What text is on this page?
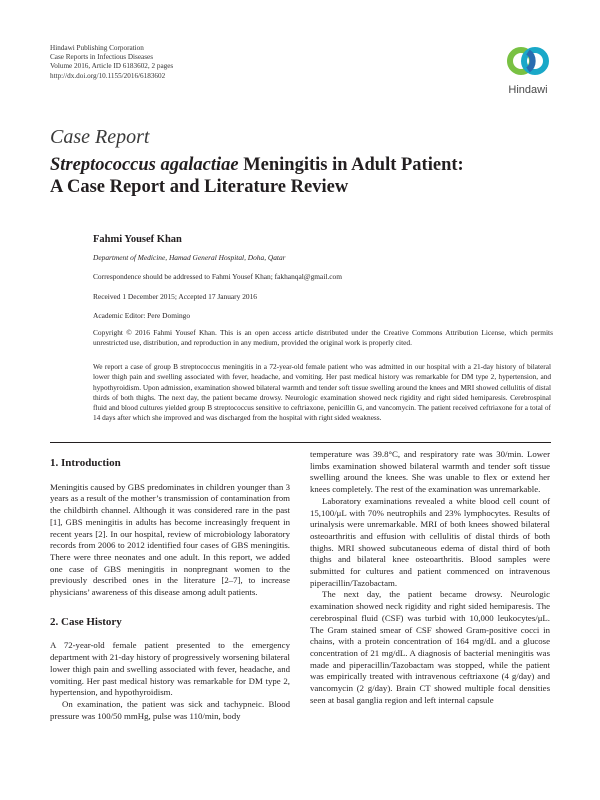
Hindawi Publishing Corporation
Case Reports in Infectious Diseases
Volume 2016, Article ID 6183602, 2 pages
http://dx.doi.org/10.1155/2016/6183602
Hindawi
Case Report
Streptococcus agalactiae Meningitis in Adult Patient:
A Case Report and Literature Review
Fahmi Yousef Khan
Department of Medicine, Hamad General Hospital, Doha, Qatar
Correspondence should be addressed to Fahmi Yousef Khan; fakhanqal@gmail.com
Received 1 December 2015; Accepted 17 January 2016
Academic Editor: Pere Domingo
Copyright © 2016 Fahmi Yousef Khan. This is an open access article distributed under the Creative Commons Attribution License, which permits unrestricted use, distribution, and reproduction in any medium, provided the original work is properly cited.
We report a case of group B streptococcus meningitis in a 72-year-old female patient who was admitted in our hospital with a 21-day history of bilateral lower thigh pain and swelling associated with fever, headache, and vomiting. Her past medical history was remarkable for DM type 2, hypertension, and hypothyroidism. Upon admission, examination showed bilateral warmth and tender soft tissue swelling around the knees and MRI showed cellulitis of distal thirds of both thighs. The next day, the patient became drowsy. Neurologic examination showed neck rigidity and right sided hemiparesis. Cerebrospinal fluid and blood cultures yielded group B streptococcus sensitive to ceftriaxone, penicillin G, and vancomycin. The patient received ceftriaxone for a total of 14 days after which she improved and was discharged from the hospital with right sided weakness.
1. Introduction

Meningitis caused by GBS predominates in children younger than 3 years as a result of the mother’s transmission of contamination from the childbirth channel. Although it was considered rare in the past [1], GBS meningitis in adults has become increasingly frequent in recent years [2]. In our hospital, review of microbiology laboratory records from 2006 to 2012 identified four cases of GBS meningitis. There were three neonates and one adult. In this report, we added one case of GBS meningitis in nonpregnant women to the previously described ones in the literature [2–7], to increase physicians’ awareness of this disease among adult patients.

2. Case History

A 72-year-old female patient presented to the emergency department with 21-day history of progressively worsening bilateral lower thigh pain and swelling associated with fever, headache, and vomiting. Her past medical history was remarkable for DM type 2, hypertension, and hypothyroidism.

On examination, the patient was sick and tachypneic. Blood pressure was 100/50 mmHg, pulse was 110/min, body

temperature was 39.8°C, and respiratory rate was 30/min. Lower limbs examination showed bilateral warmth and tender soft tissue swelling around the knees. She was unable to flex or extend her knees completely. The rest of the examination was unremarkable.

Laboratory examinations revealed a white blood cell count of 15,100/μL with 70% neutrophils and 23% lymphocytes. Results of urinalysis were unremarkable. MRI of both knees showed bilateral osteoarthritis and effusion with cellulitis of distal thirds of both thighs. MRI showed subcutaneous edema of distal third of both thighs and bilateral knee osteoarthritis. Blood samples were submitted for cultures and patient commenced on intravenous piperacillin/Tazobactam.

The next day, the patient became drowsy. Neurologic examination showed neck rigidity and right sided hemiparesis. The cerebrospinal fluid (CSF) was turbid with 10,000 leukocytes/μL. The Gram stained smear of CSF showed Gram-positive cocci in chains, with a protein concentration of 164 mg/dL and a glucose concentration of 21 mg/dL. A diagnosis of bacterial meningitis was made and piperacillin/Tazobactam was stopped, while the patient was empirically treated with intravenous ceftriaxone (4 g/day) and vancomycin (2 g/day). Brain CT showed multiple focal densities seen at basal ganglia region and left internal capsule
